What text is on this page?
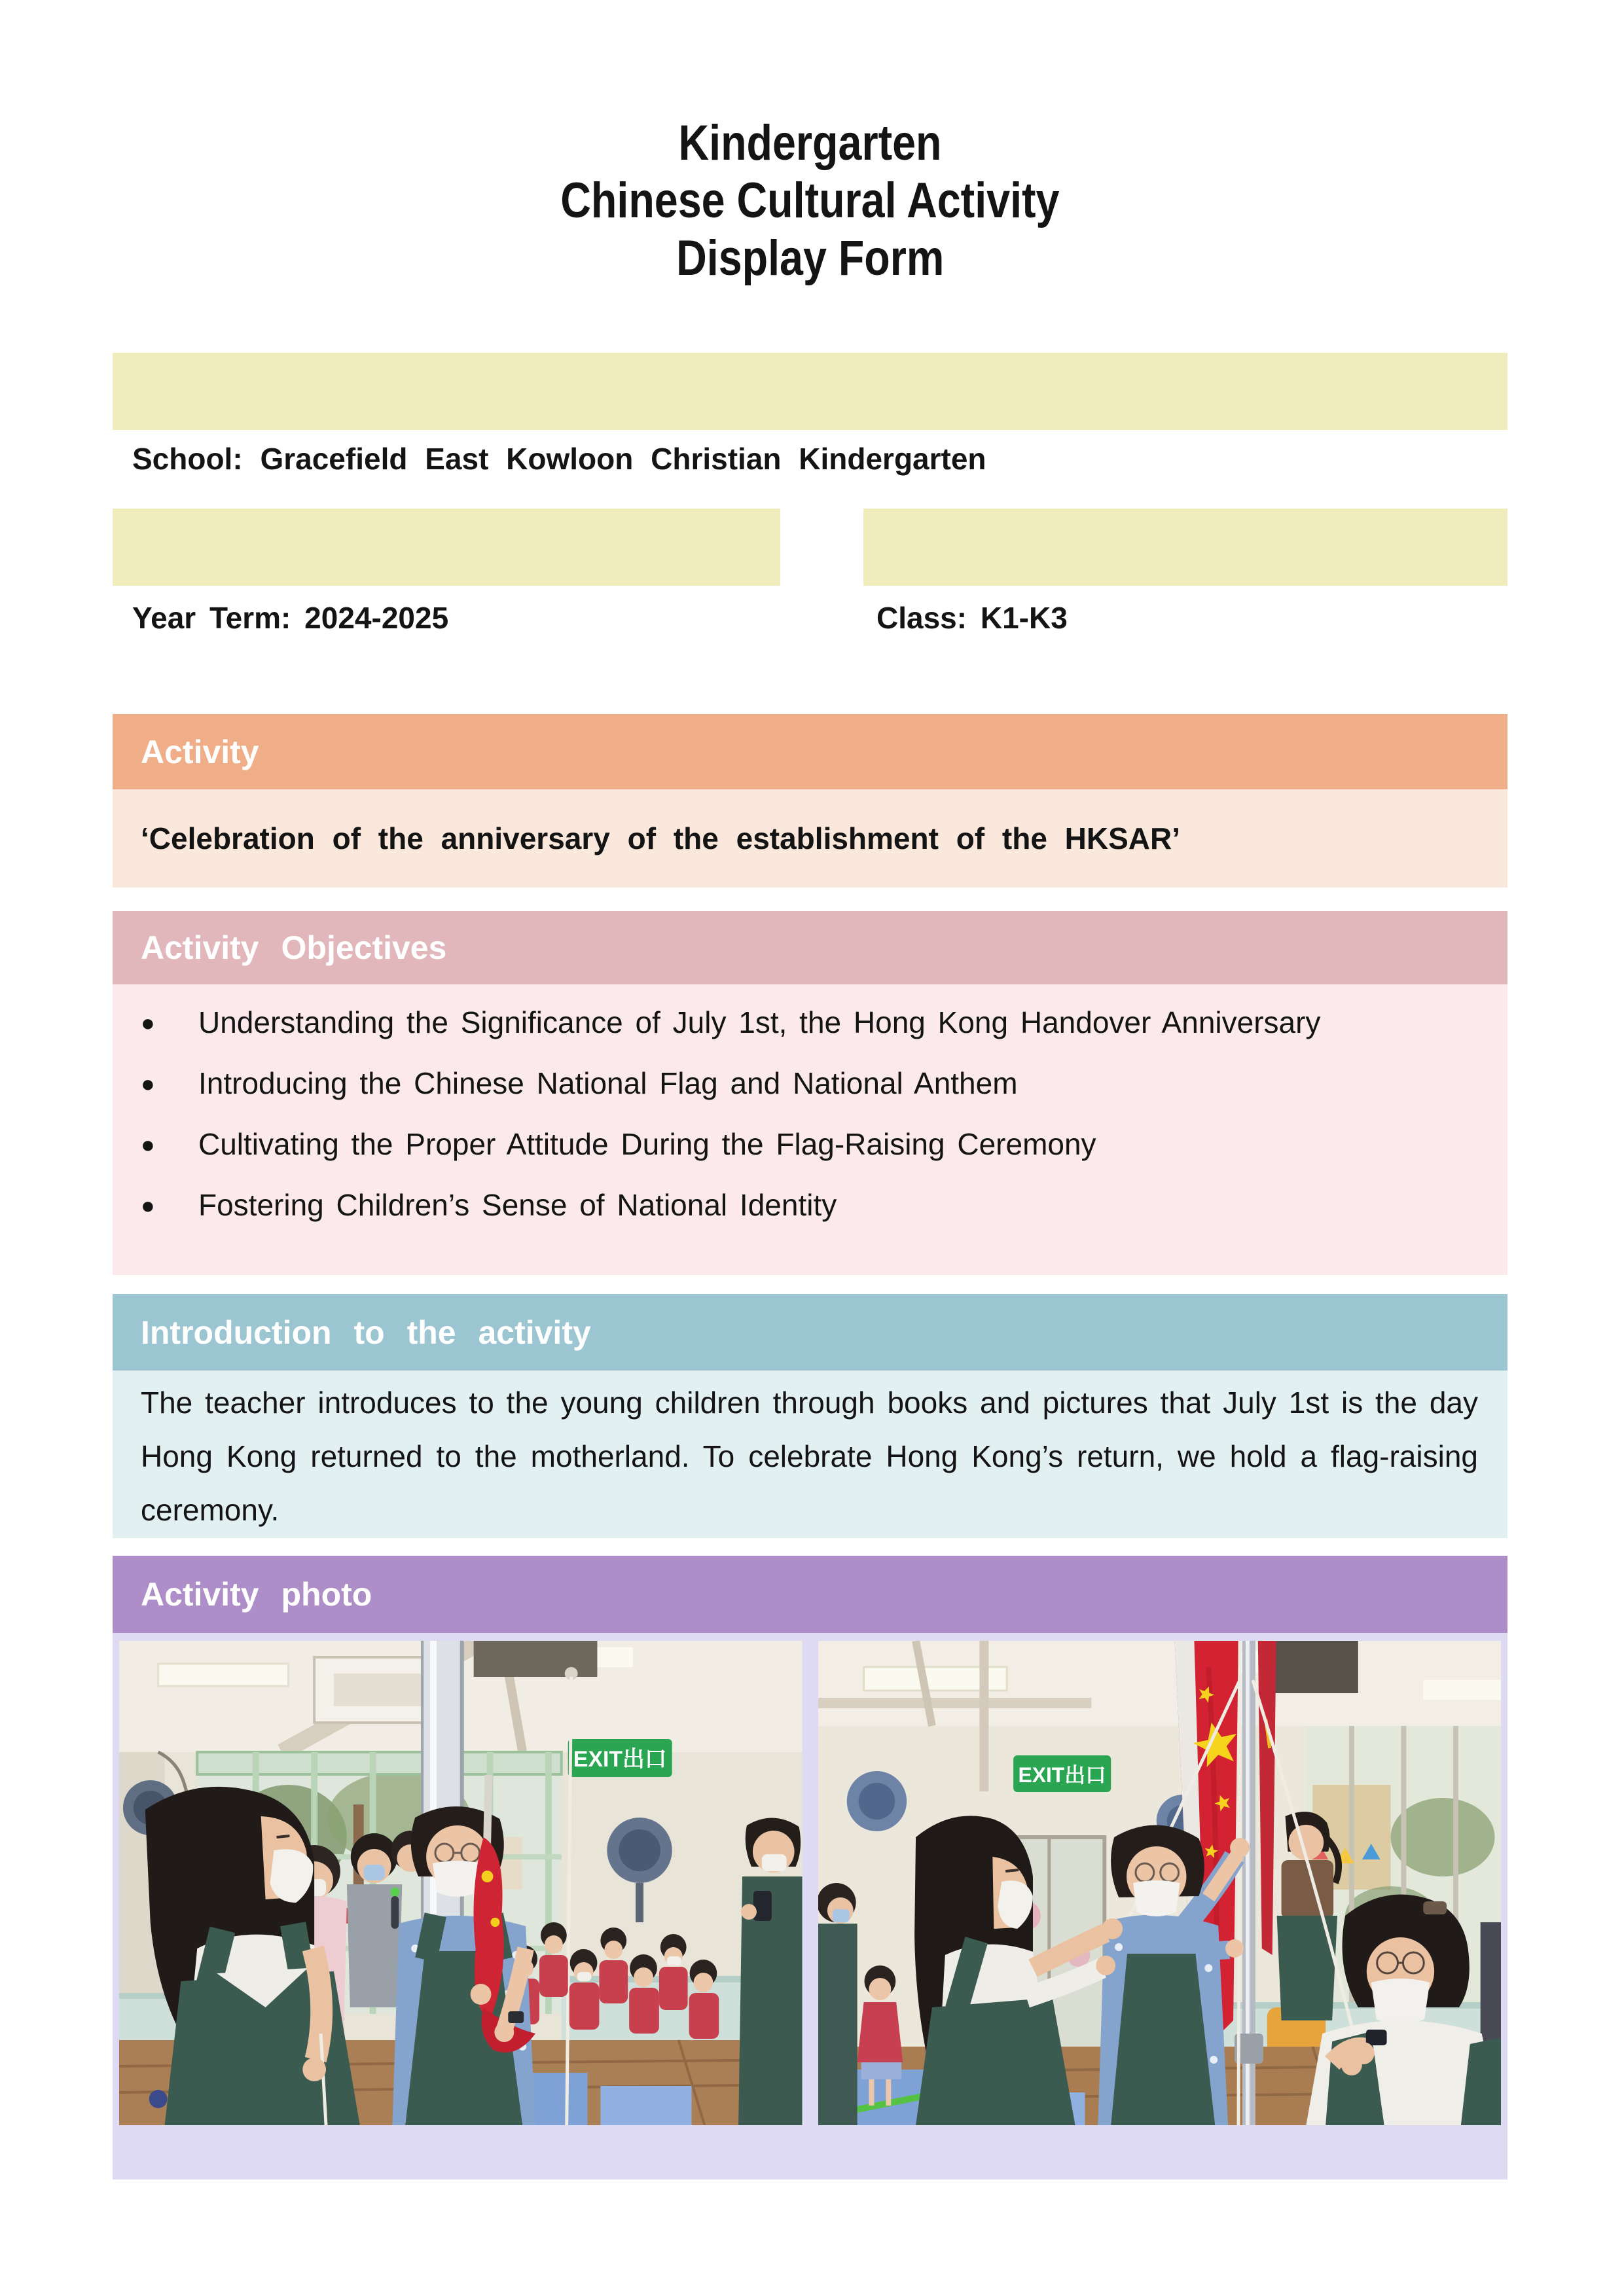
Kindergarten
Chinese Cultural Activity
Display Form
School: Gracefield East Kowloon Christian Kindergarten
Year Term: 2024-2025	Class: K1-K3
Activity
‘Celebration of the anniversary of the establishment of the HKSAR’
Activity Objectives
●	Understanding the Significance of July 1st, the Hong Kong Handover Anniversary
●	Introducing the Chinese National Flag and National Anthem
●	Cultivating the Proper Attitude During the Flag-Raising Ceremony
●	Fostering Children’s Sense of National Identity
Introduction to the activity
The teacher introduces to the young children through books and pictures that July 1st is the day Hong Kong returned to the motherland. To celebrate Hong Kong’s return, we hold a flag-raising ceremony.
Activity photo
EXIT出口
EXIT出口
